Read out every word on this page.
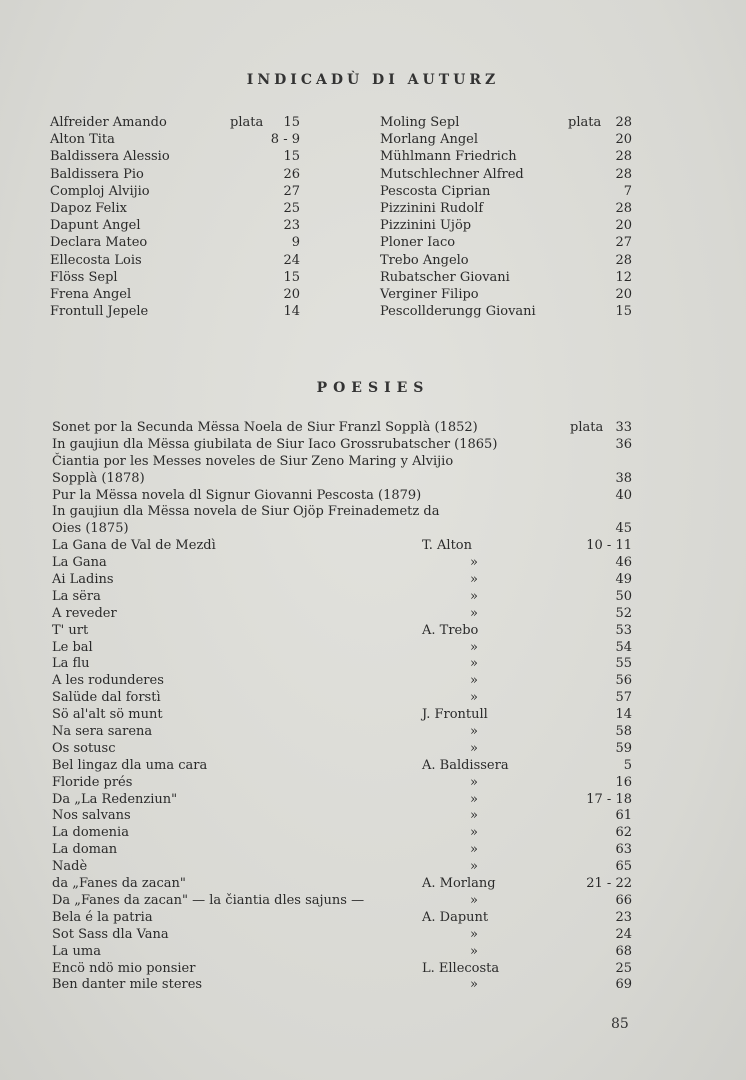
INDICADÙ DI AUTURZ
Alfreider Amando	plata 15
Alton Tita	8 - 9
Baldissera Alessio	15
Baldissera Pio	26
Comploj Alvijio	27
Dapoz Felix	25
Dapunt Angel	23
Declara Mateo	9
Ellecosta Lois	24
Flöss Sepl	15
Frena Angel	20
Frontull Jepele	14
Moling Sepl	plata 28
Morlang Angel	20
Mühlmann Friedrich	28
Mutschlechner Alfred	28
Pescosta Ciprian	7
Pizzinini Rudolf	28
Pizzinini Ujöp	20
Ploner Iaco	27
Trebo Angelo	28
Rubatscher Giovani	12
Verginer Filipo	20
Pescollderungg Giovani	15
POESIES
Sonet por la Secunda Mëssa Noela de Siur Franzl Sopplà (1852)	plata 33
In gaujiun dla Mëssa giubilata de Siur Iaco Grossrubatscher (1865)	36
Čiantia por les Messes noveles de Siur Zeno Maring y Alvijio
Sopplà (1878)	38
Pur la Mëssa novela dl Signur Giovanni Pescosta (1879)	40
In gaujiun dla Mëssa novela de Siur Ojöp Freinademetz da
Oies (1875)	45
La Gana de Val de Mezdì	T. Alton	10 - 11
La Gana	»	46
Ai Ladins	»	49
La sëra	»	50
A reveder	»	52
T' urt	A. Trebo	53
Le bal	»	54
La flu	»	55
A les rodunderes	»	56
Salüde dal forstì	»	57
Sö al'alt sö munt	J. Frontull	14
Na sera sarena	»	58
Os sotusc	»	59
Bel lingaz dla uma cara	A. Baldissera	5
Floride prés	»	16
Da „La Redenziun"	»	17 - 18
Nos salvans	»	61
La domenia	»	62
La doman	»	63
Nadè	»	65
da „Fanes da zacan"	A. Morlang	21 - 22
Da „Fanes da zacan" — la čiantia dles sajuns —	»	66
Bela é la patria	A. Dapunt	23
Sot Sass dla Vana	»	24
La uma	»	68
Encö ndö mio ponsier	L. Ellecosta	25
Ben danter mile steres	»	69
85
